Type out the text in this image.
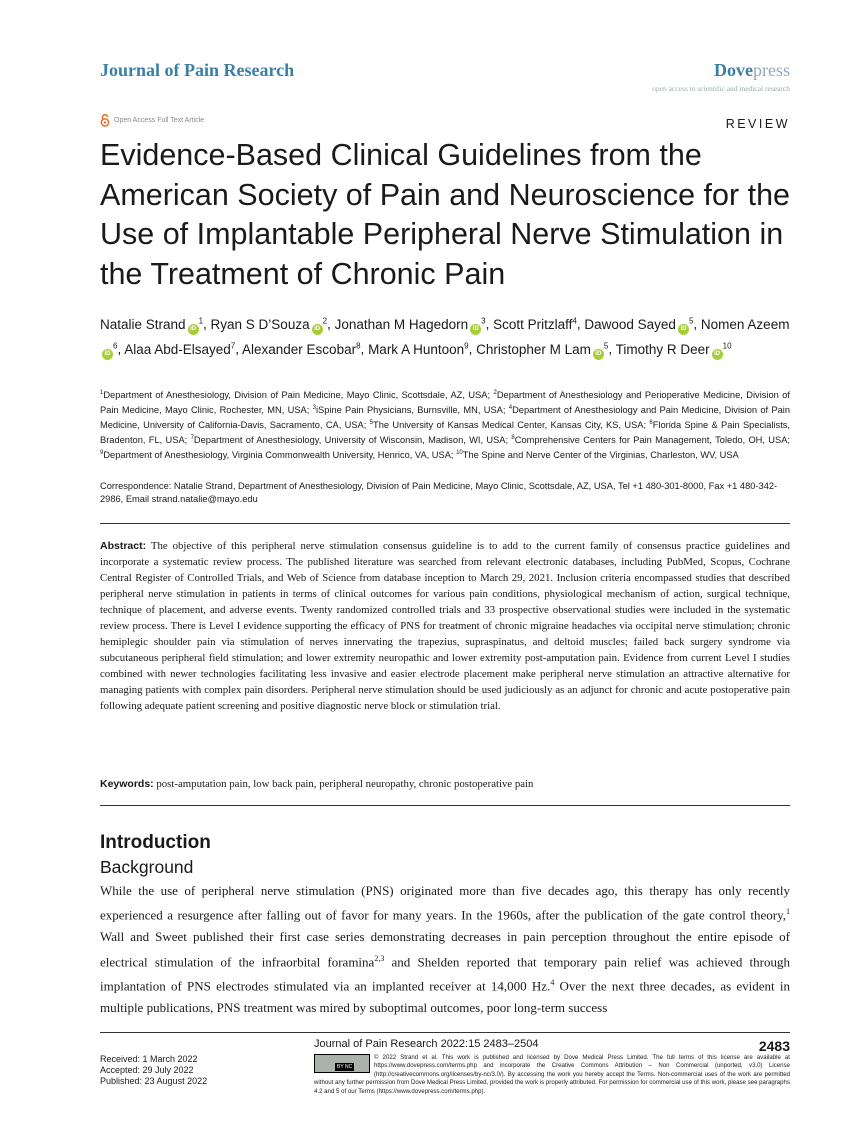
Journal of Pain Research	Dovepress
open access to scientific and medical research
Open Access Full Text Article	REVIEW
Evidence-Based Clinical Guidelines from the American Society of Pain and Neuroscience for the Use of Implantable Peripheral Nerve Stimulation in the Treatment of Chronic Pain
Natalie Strand $iD^1$, Ryan S D’Souza $iD^2$, Jonathan M Hagedorn $iD^3$, Scott Pritzlaff$^4$, Dawood Sayed $iD^5$, Nomen AzeemiD$^6$, Alaa Abd-Elsayed$^7$, Alexander Escobar$^8$, Mark A Huntoon$^9$, Christopher M Lam $iD^5$, Timothy R Deer $iD^{10}$
$^1$Department of Anesthesiology, Division of Pain Medicine, Mayo Clinic, Scottsdale, AZ, USA; $^2$Department of Anesthesiology and Perioperative Medicine, Division of Pain Medicine, Mayo Clinic, Rochester, MN, USA; $^3$iSpine Pain Physicians, Burnsville, MN, USA; $^4$Department of Anesthesiology and Pain Medicine, Division of Pain Medicine, University of California-Davis, Sacramento, CA, USA; $^5$The University of Kansas Medical Center, Kansas City, KS, USA; $^6$Florida Spine & Pain Specialists, Bradenton, FL, USA; $^7$Department of Anesthesiology, University of Wisconsin, Madison, WI, USA; $^8$Comprehensive Centers for Pain Management, Toledo, OH, USA; $^9$Department of Anesthesiology, Virginia Commonwealth University, Henrico, VA, USA; $^{10}$The Spine and Nerve Center of the Virginias, Charleston, WV, USA
Correspondence: Natalie Strand, Department of Anesthesiology, Division of Pain Medicine, Mayo Clinic, Scottsdale, AZ, USA, Tel +1 480-301-8000, Fax +1 480-342-2986, Email strand.natalie@mayo.edu
Abstract: The objective of this peripheral nerve stimulation consensus guideline is to add to the current family of consensus practice guidelines and incorporate a systematic review process. The published literature was searched from relevant electronic databases, including PubMed, Scopus, Cochrane Central Register of Controlled Trials, and Web of Science from database inception to March 29, 2021. Inclusion criteria encompassed studies that described peripheral nerve stimulation in patients in terms of clinical outcomes for various pain conditions, physiological mechanism of action, surgical technique, technique of placement, and adverse events. Twenty randomized controlled trials and 33 prospective observational studies were included in the systematic review process. There is Level I evidence supporting the efficacy of PNS for treatment of chronic migraine headaches via occipital nerve stimulation; chronic hemiplegic shoulder pain via stimulation of nerves innervating the trapezius, supraspinatus, and deltoid muscles; failed back surgery syndrome via subcutaneous peripheral field stimulation; and lower extremity neuropathic and lower extremity post-amputation pain. Evidence from current Level I studies combined with newer technologies facilitating less invasive and easier electrode placement make peripheral nerve stimulation an attractive alternative for managing patients with complex pain disorders. Peripheral nerve stimulation should be used judiciously as an adjunct for chronic and acute postoperative pain following adequate patient screening and positive diagnostic nerve block or stimulation trial.
Keywords: post-amputation pain, low back pain, peripheral neuropathy, chronic postoperative pain
Introduction
Background
While the use of peripheral nerve stimulation (PNS) originated more than five decades ago, this therapy has only recently experienced a resurgence after falling out of favor for many years. In the 1960s, after the publication of the gate control theory,$^1$ Wall and Sweet published their first case series demonstrating decreases in pain perception throughout the entire episode of electrical stimulation of the infraorbital foramina$^{2,3}$ and Shelden reported that temporary pain relief was achieved through implantation of PNS electrodes stimulated via an implanted receiver at 14,000 Hz.$^4$ Over the next three decades, as evident in multiple publications, PNS treatment was mired by suboptimal outcomes, poor long-term success
Received: 1 March 2022
Accepted: 29 July 2022
Published: 23 August 2022
Journal of Pain Research 2022:15 2483–2504	2483
BY NC
© 2022 Strand et al. This work is published and licensed by Dove Medical Press Limited. The full terms of this license are available at https://www.dovepress.com/terms.php and incorporate the Creative Commons Attribution – Non Commercial (unported, v3.0) License (http://creativecommons.org/licenses/by-nc/3.0/). By accessing the work you hereby accept the Terms. Non-commercial uses of the work are permitted without any further permission from Dove Medical Press Limited, provided the work is properly attributed. For permission for commercial use of this work, please see paragraphs 4.2 and 5 of our Terms (https://www.dovepress.com/terms.php).
